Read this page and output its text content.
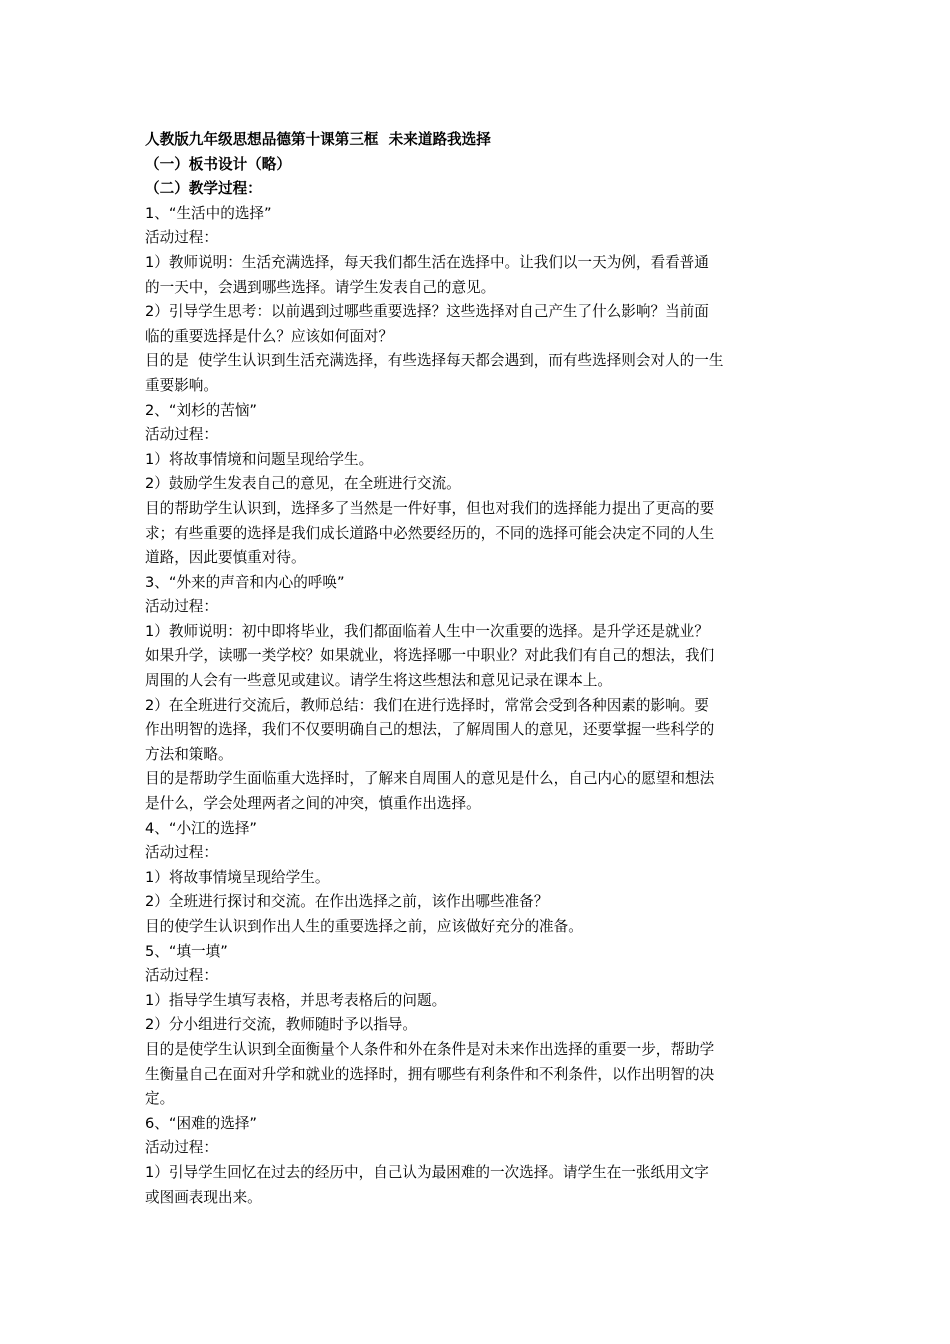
人教版九年级思想品德第十课第三框  未来道路我选择

（一）板书设计（略）

（二）教学过程：

1、“生活中的选择”

活动过程：

1）教师说明：生活充满选择，每天我们都生活在选择中。让我们以一天为例，看看普通

的一天中，会遇到哪些选择。请学生发表自己的意见。

2）引导学生思考：以前遇到过哪些重要选择？这些选择对自己产生了什么影响？当前面

临的重要选择是什么？应该如何面对？

目的是  使学生认识到生活充满选择，有些选择每天都会遇到，而有些选择则会对人的一生

重要影响。

2、“刘杉的苦恼”

活动过程：

1）将故事情境和问题呈现给学生。

2）鼓励学生发表自己的意见，在全班进行交流。

目的帮助学生认识到，选择多了当然是一件好事，但也对我们的选择能力提出了更高的要

求；有些重要的选择是我们成长道路中必然要经历的，不同的选择可能会决定不同的人生

道路，因此要慎重对待。

3、“外来的声音和内心的呼唤”

活动过程：

1）教师说明：初中即将毕业，我们都面临着人生中一次重要的选择。是升学还是就业？

如果升学，读哪一类学校？如果就业，将选择哪一中职业？对此我们有自己的想法，我们

周围的人会有一些意见或建议。请学生将这些想法和意见记录在课本上。

2）在全班进行交流后，教师总结：我们在进行选择时，常常会受到各种因素的影响。要

作出明智的选择，我们不仅要明确自己的想法，了解周围人的意见，还要掌握一些科学的

方法和策略。

目的是帮助学生面临重大选择时，了解来自周围人的意见是什么，自己内心的愿望和想法

是什么，学会处理两者之间的冲突，慎重作出选择。

4、“小江的选择”

活动过程：

1）将故事情境呈现给学生。

2）全班进行探讨和交流。在作出选择之前，该作出哪些准备？

目的使学生认识到作出人生的重要选择之前，应该做好充分的准备。

5、“填一填”

活动过程：

1）指导学生填写表格，并思考表格后的问题。

2）分小组进行交流，教师随时予以指导。

目的是使学生认识到全面衡量个人条件和外在条件是对未来作出选择的重要一步，帮助学

生衡量自己在面对升学和就业的选择时，拥有哪些有利条件和不利条件，以作出明智的决

定。

6、“困难的选择”

活动过程：

1）引导学生回忆在过去的经历中，自己认为最困难的一次选择。请学生在一张纸用文字

或图画表现出来。
